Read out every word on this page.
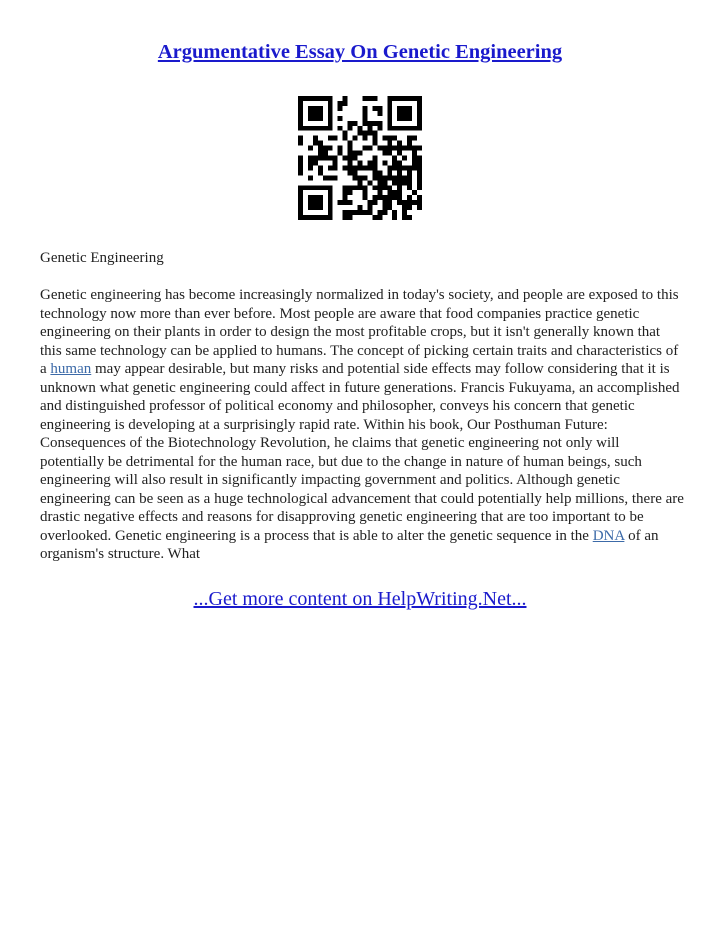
Argumentative Essay On Genetic Engineering

Genetic Engineering

Genetic engineering has become increasingly normalized in today's society, and people are exposed to this technology now more than ever before. Most people are aware that food companies practice genetic engineering on their plants in order to design the most profitable crops, but it isn't generally known that this same technology can be applied to humans. The concept of picking certain traits and characteristics of a human may appear desirable, but many risks and potential side effects may follow considering that it is unknown what genetic engineering could affect in future generations. Francis Fukuyama, an accomplished and distinguished professor of political economy and philosopher, conveys his concern that genetic engineering is developing at a surprisingly rapid rate. Within his book, Our Posthuman Future: Consequences of the Biotechnology Revolution, he claims that genetic engineering not only will potentially be detrimental for the human race, but due to the change in nature of human beings, such engineering will also result in significantly impacting government and politics. Although genetic engineering can be seen as a huge technological advancement that could potentially help millions, there are drastic negative effects and reasons for disapproving genetic engineering that are too important to be overlooked. Genetic engineering is a process that is able to alter the genetic sequence in the DNA of an organism's structure. What

...Get more content on HelpWriting.Net...
